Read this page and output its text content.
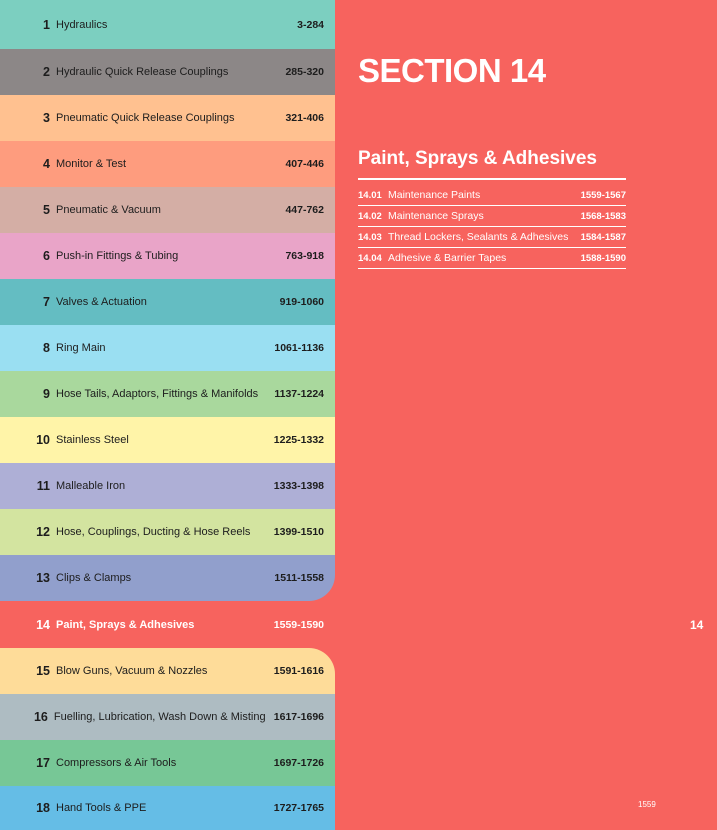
1 Hydraulics	3-284
2 Hydraulic Quick Release Couplings	285-320
3 Pneumatic Quick Release Couplings	321-406
4 Monitor & Test	407-446
5 Pneumatic & Vacuum	447-762
6 Push-in Fittings & Tubing	763-918
7 Valves & Actuation	919-1060
8 Ring Main	1061-1136
9 Hose Tails, Adaptors, Fittings & Manifolds	1137-1224
10 Stainless Steel	1225-1332
11 Malleable Iron	1333-1398
12 Hose, Couplings, Ducting & Hose Reels	1399-1510
13 Clips & Clamps	1511-1558
14 Paint, Sprays & Adhesives	1559-1590
15 Blow Guns, Vacuum & Nozzles	1591-1616
16 Fuelling, Lubrication, Wash Down & Misting 1617-1696
17 Compressors & Air Tools	1697-1726
18 Hand Tools & PPE	1727-1765
SECTION 14
Paint, Sprays & Adhesives
14.01 Maintenance Paints	1559-1567
14.02 Maintenance Sprays	1568-1583
14.03 Thread Lockers, Sealants & Adhesives	1584-1587
14.04 Adhesive & Barrier Tapes	1588-1590
14
1559
